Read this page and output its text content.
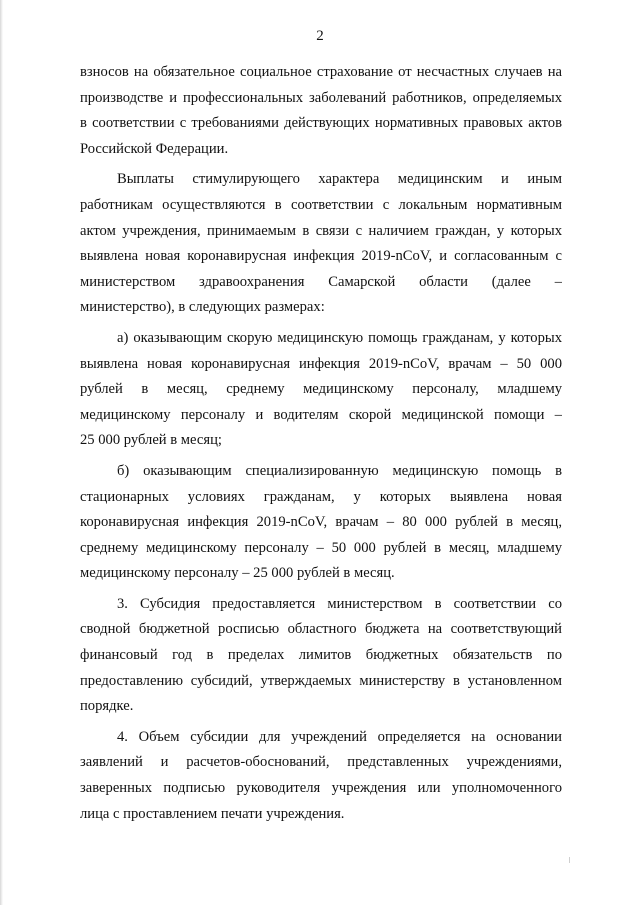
2
взносов на обязательное социальное страхование от несчастных случаев на
производстве и профессиональных заболеваний работников, определяемых
в соответствии с требованиями действующих нормативных правовых актов
Российской Федерации.
Выплаты стимулирующего характера медицинским и иным
работникам осуществляются в соответствии с локальным нормативным
актом учреждения, принимаемым в связи с наличием граждан, у которых
выявлена новая коронавирусная инфекция 2019-nCoV, и согласованным с
министерством здравоохранения Самарской области (далее –
министерство), в следующих размерах:
а) оказывающим скорую медицинскую помощь гражданам, у которых
выявлена новая коронавирусная инфекция 2019-nCoV, врачам – 50 000
рублей в месяц, среднему медицинскому персоналу, младшему
медицинскому персоналу и водителям скорой медицинской помощи –
25 000 рублей в месяц;
б) оказывающим специализированную медицинскую помощь в
стационарных условиях гражданам, у которых выявлена новая
коронавирусная инфекция 2019-nCoV, врачам – 80 000 рублей в месяц,
среднему медицинскому персоналу – 50 000 рублей в месяц, младшему
медицинскому персоналу – 25 000 рублей в месяц.
3. Субсидия предоставляется министерством в соответствии со
сводной бюджетной росписью областного бюджета на соответствующий
финансовый год в пределах лимитов бюджетных обязательств по
предоставлению субсидий, утверждаемых министерству в установленном
порядке.
4. Объем субсидии для учреждений определяется на основании
заявлений и расчетов-обоснований, представленных учреждениями,
заверенных подписью руководителя учреждения или уполномоченного
лица с проставлением печати учреждения.
